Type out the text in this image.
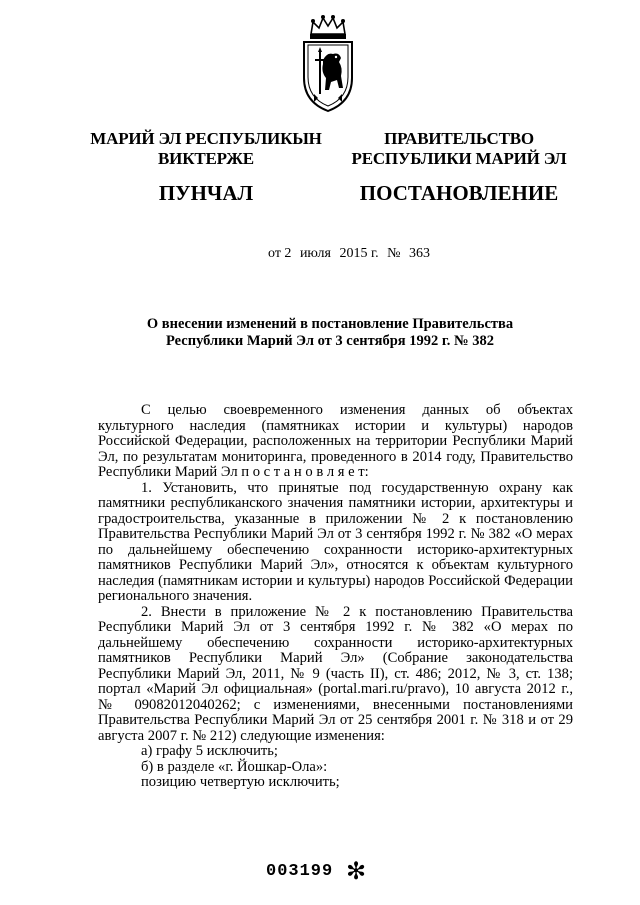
МАРИЙ ЭЛ РЕСПУБЛИКЫН
ВИКТЕРЖЕ
ПУНЧАЛ
ПРАВИТЕЛЬСТВО
РЕСПУБЛИКИ МАРИЙ ЭЛ
ПОСТАНОВЛЕНИЕ
от 2 июля 2015 г. № 363
О внесении изменений в постановление Правительства
Республики Марий Эл от 3 сентября 1992 г. № 382

С целью своевременного изменения данных об объектах культурного наследия (памятниках истории и культуры) народов Российской Федерации, расположенных на территории Республики Марий Эл, по результатам мониторинга, проведенного в 2014 году, Правительство Республики Марий Эл п о с т а н о в л я е т:

1. Установить, что принятые под государственную охрану как памятники республиканского значения памятники истории, архитектуры и градостроительства, указанные в приложении № 2 к постановлению Правительства Республики Марий Эл от 3 сентября 1992 г. № 382 «О мерах по дальнейшему обеспечению сохранности историко-архитектурных памятников Республики Марий Эл», относятся к объектам культурного наследия (памятникам истории и культуры) народов Российской Федерации регионального значения.

2. Внести в приложение № 2 к постановлению Правительства Республики Марий Эл от 3 сентября 1992 г. № 382 «О мерах по дальнейшему обеспечению сохранности историко-архитектурных памятников Республики Марий Эл» (Собрание законодательства Республики Марий Эл, 2011, № 9 (часть II), ст. 486; 2012, № 3, ст. 138; портал «Марий Эл официальная» (portal.mari.ru/pravo), 10 августа 2012 г., № 09082012040262; с изменениями, внесенными постановлениями Правительства Республики Марий Эл от 25 сентября 2001 г. № 318 и от 29 августа 2007 г. № 212) следующие изменения:

а) графу 5 исключить;

б) в разделе «г. Йошкар-Ола»:

позицию четвертую исключить;

003199 ✻
